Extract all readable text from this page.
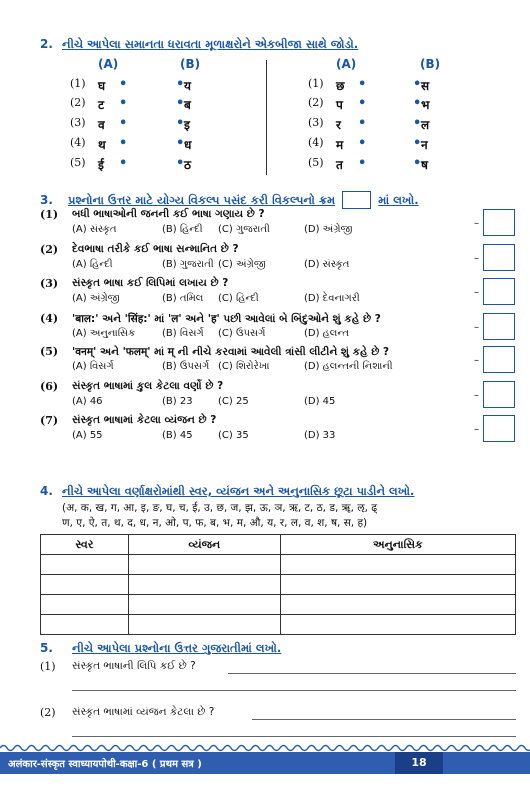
2. નીચે આપેલા સમાનતા ધરાવતા મૂળાક્ષરોને એકબીજા સાથે જોડો.
(A)	(B)	(A)	(B)
(1) घ •	• य
(2) ट •	• ब
(3) व •	• इ
(4) थ •	• ध
(5) ई •	• ठ
(1) छ •	• स
(2) प •	• भ
(3) र •	• ल
(4) म •	• न
(5) त •	• ष
3. પ્રશ્નોના ઉત્તર માટે યોગ્ય વિકલ્પ પસંદ કરી વિકલ્પનો ક્રમ	માં લખો.
(1) બધી ભાષાઓની જનની કઈ ભાષા ગણાય છે ?
(A) સંસ્કૃત	(B) હિન્દી (C) ગુજરાતી	(D) અંગ્રેજી
–
(2) દેવભાષા તરીકે કઈ ભાષા સન્માનિત છે ?
(A) હિન્દી	(B) ગુજરાતી (C) અંગ્રેજી	(D) સંસ્કૃત
–
(3) સંસ્કૃત ભાષા કઈ લિપિમાં લખાય છે ?
(A) અંગ્રેજી	(B) તમિલ (C) હિન્દી	(D) દેવનાગરી
–
(4) 'बाल:' અને 'सिंह:' માં 'ल' અને 'ह' પછી આવેલાં બે બિંદુઓને શું કહે છે ?
(A) અનુનાસિક	(B) વિસર્ગ (C) ઉપસર્ગ	(D) હલન્ત
–
(5) 'वनम्' અને 'फलम्' માં म् ની નીચે કરવામાં આવેલી ત્રાંસી લીટીને શું કહે છે ?
(A) વિસર્ગ	(B) ઉપસર્ગ (C) શિરોરેખા	(D) હલન્તની નિશાની
–
(6) સંસ્કૃત ભાષામાં કુલ કેટલા વર્ણો છે ?
(A) 46	(B) 23	(C) 25	(D) 45
–
(7) સંસ્કૃત ભાષામાં કેટલા વ્યંજન છે ?
(A) 55	(B) 45	(C) 35	(D) 33
–
4. નીચે આપેલા વર્ણાક્ષરોમાંથી સ્વર, વ્યંજન અને અનુનાસિક છૂટા પાડીને લખો.
(अ, क, ख, ग, आ, इ, ङ, घ, च, ई, उ, छ, ज, झ, ऊ, ञ, ऋ, ट, ठ, ड, ॠ, ऌ, ढ्
ण, ए, ऐ, त, थ, द, ध, न, ओ, प, फ, ब, भ, म, औ, य, र, ल, व, श, ष, स, ह)
સ્વર	વ્યંજન	અનુનાસિક

5. નીચે આપેલા પ્રશ્નોના ઉત્તર ગુજરાતીમાં લખો.
(1) સંસ્કૃત ભાષાની લિપિ કઈ છે ?
(2) સંસ્કૃત ભાષામાં વ્યંજન કેટલા છે ?
अलंकार-संस्कृत स्वाध्यायपोथी-कक्षा-6 ( प्रथम सत्र )	18
